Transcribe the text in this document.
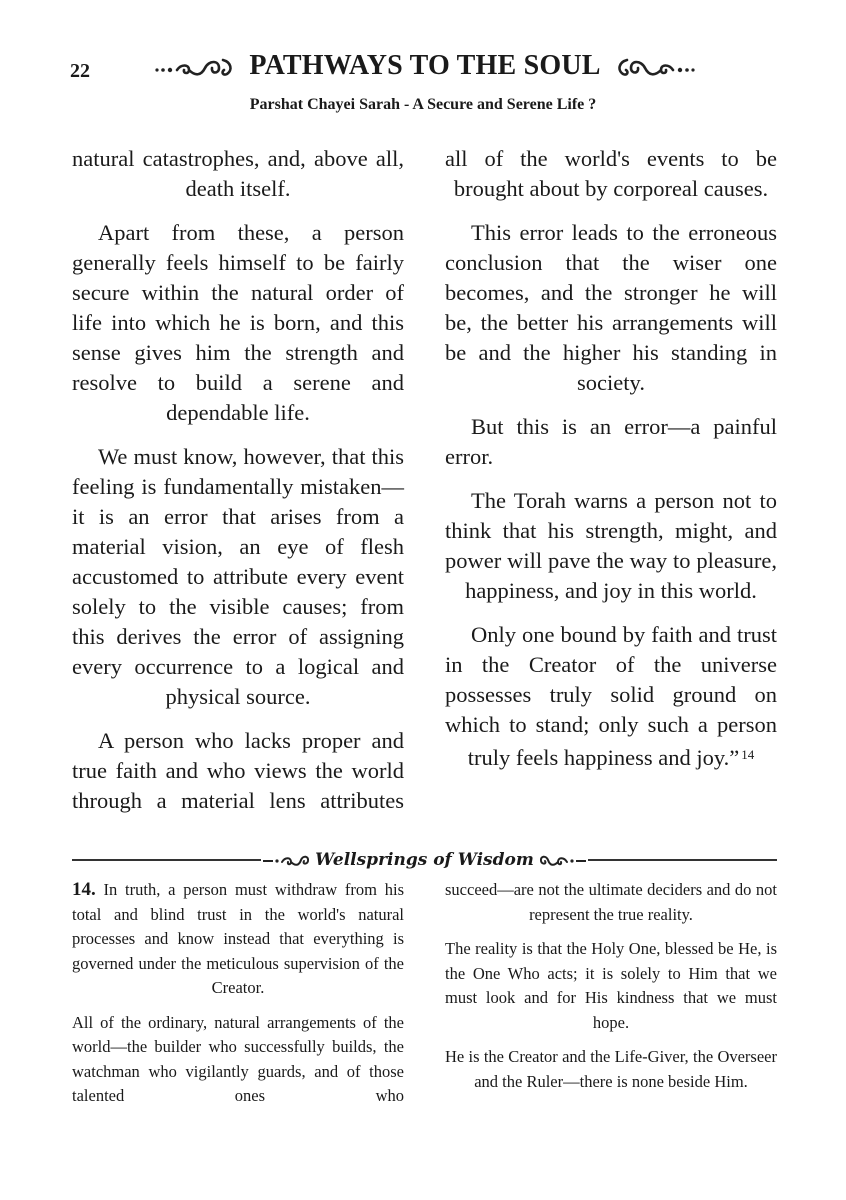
22	PATHWAYS TO THE SOUL
Parshat Chayei Sarah - A Secure and Serene Life ?

natural catastrophes, and, above all, death itself.

Apart from these, a person generally feels himself to be fairly secure within the natural order of life into which he is born, and this sense gives him the strength and resolve to build a serene and dependable life.

We must know, however, that this feeling is fundamentally mistaken—it is an error that arises from a material vision, an eye of flesh accustomed to attribute every event solely to the visible causes; from this derives the error of assigning every occurrence to a logical and physical source.

A person who lacks proper and true faith and who views the world through a material lens attributes

all of the world's events to be brought about by corporeal causes.

This error leads to the erroneous conclusion that the wiser one becomes, and the stronger he will be, the better his arrangements will be and the higher his standing in society.

But this is an error—a painful error.

The Torah warns a person not to think that his strength, might, and power will pave the way to pleasure, happiness, and joy in this world.

Only one bound by faith and trust in the Creator of the universe possesses truly solid ground on which to stand; only such a person truly feels happiness and joy.” $^{14}$

Wellsprings of Wisdom

14. In truth, a person must withdraw from his total and blind trust in the world's natural processes and know instead that everything is governed under the meticulous supervision of the Creator.

All of the ordinary, natural arrangements of the world—the builder who successfully builds, the watchman who vigilantly guards, and of those talented ones who

succeed—are not the ultimate deciders and do not represent the true reality.

The reality is that the Holy One, blessed be He, is the One Who acts; it is solely to Him that we must look and for His kindness that we must hope.

He is the Creator and the Life-Giver, the Overseer and the Ruler—there is none beside Him.
